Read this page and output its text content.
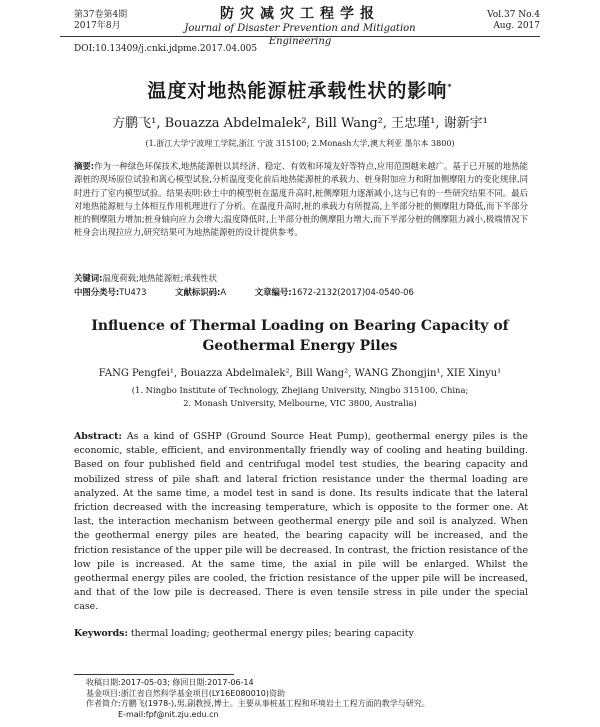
第37卷第4期
2017年8月
防灾减灾工程学报
Journal of Disaster Prevention and Mitigation Engineering
Vol.37 No.4
Aug. 2017
DOI:10.13409/j.cnki.jdpme.2017.04.005
温度对地热能源桩承载性状的影响*
方鹏飞¹, Bouazza Abdelmalek², Bill Wang², 王忠瑾¹, 谢新宇¹
(1.浙江大学宁波理工学院,浙江 宁波 315100; 2.Monash大学,澳大利亚 墨尔本 3800)
摘要:作为一种绿色环保技术,地热能源桩以其经济、稳定、有效和环境友好等特点,应用范围越来越广。基于已开展的地热能源桩的现场原位试验和离心模型试验,分析温度变化前后地热能源桩的承载力、桩身附加应力和附加侧摩阻力的变化规律,同时进行了室内模型试验。结果表明:砂土中的模型桩在温度升高时,桩侧摩阻力逐渐减小,这与已有的一些研究结果不同。最后对地热能源桩与土体相互作用机理进行了分析。在温度升高时,桩的承载力有所提高,上半部分桩的侧摩阻力降低,而下半部分桩的侧摩阻力增加;桩身轴向应力会增大;温度降低时,上半部分桩的侧摩阻力增大,而下半部分桩的侧摩阻力减小,极端情况下桩身会出现拉应力,研究结果可为地热能源桩的设计提供参考。
关键词:温度荷载;地热能源桩;承载性状
中图分类号:TU473	文献标识码:A	文章编号:1672-2132(2017)04-0540-06
Influence of Thermal Loading on Bearing Capacity of
Geothermal Energy Piles
FANG Pengfei¹, Bouazza Abdelmalek², Bill Wang², WANG Zhongjin¹, XIE Xinyu¹
(1. Ningbo Institute of Technology, Zhejiang University, Ningbo 315100, China;
2. Monash University, Melbourne, VIC 3800, Australia)
Abstract: As a kind of GSHP (Ground Source Heat Pump), geothermal energy piles is the economic, stable, efficient, and environmentally friendly way of cooling and heating building. Based on four published field and centrifugal model test studies, the bearing capacity and mobilized stress of pile shaft and lateral friction resistance under the thermal loading are analyzed. At the same time, a model test in sand is done. Its results indicate that the lateral friction decreased with the increasing temperature, which is opposite to the former one. At last, the interaction mechanism between geothermal energy pile and soil is analyzed. When the geothermal energy piles are heated, the bearing capacity will be increased, and the friction resistance of the upper pile will be decreased. In contrast, the friction resistance of the low pile is increased. At the same time, the axial in pile will be enlarged. Whilst the geothermal energy piles are cooled, the friction resistance of the upper pile will be increased, and that of the low pile is decreased. There is even tensile stress in pile under the special case.
Keywords: thermal loading; geothermal energy piles; bearing capacity
收稿日期:2017-05-03; 修回日期:2017-06-14
基金项目:浙江省自然科学基金项目(LY16E080010)资助
作者简介:方鹏飞(1978-),男,副教授,博士。主要从事桩基工程和环境岩土工程方面的教学与研究。
E-mail:fpf@nit.zju.edu.cn
